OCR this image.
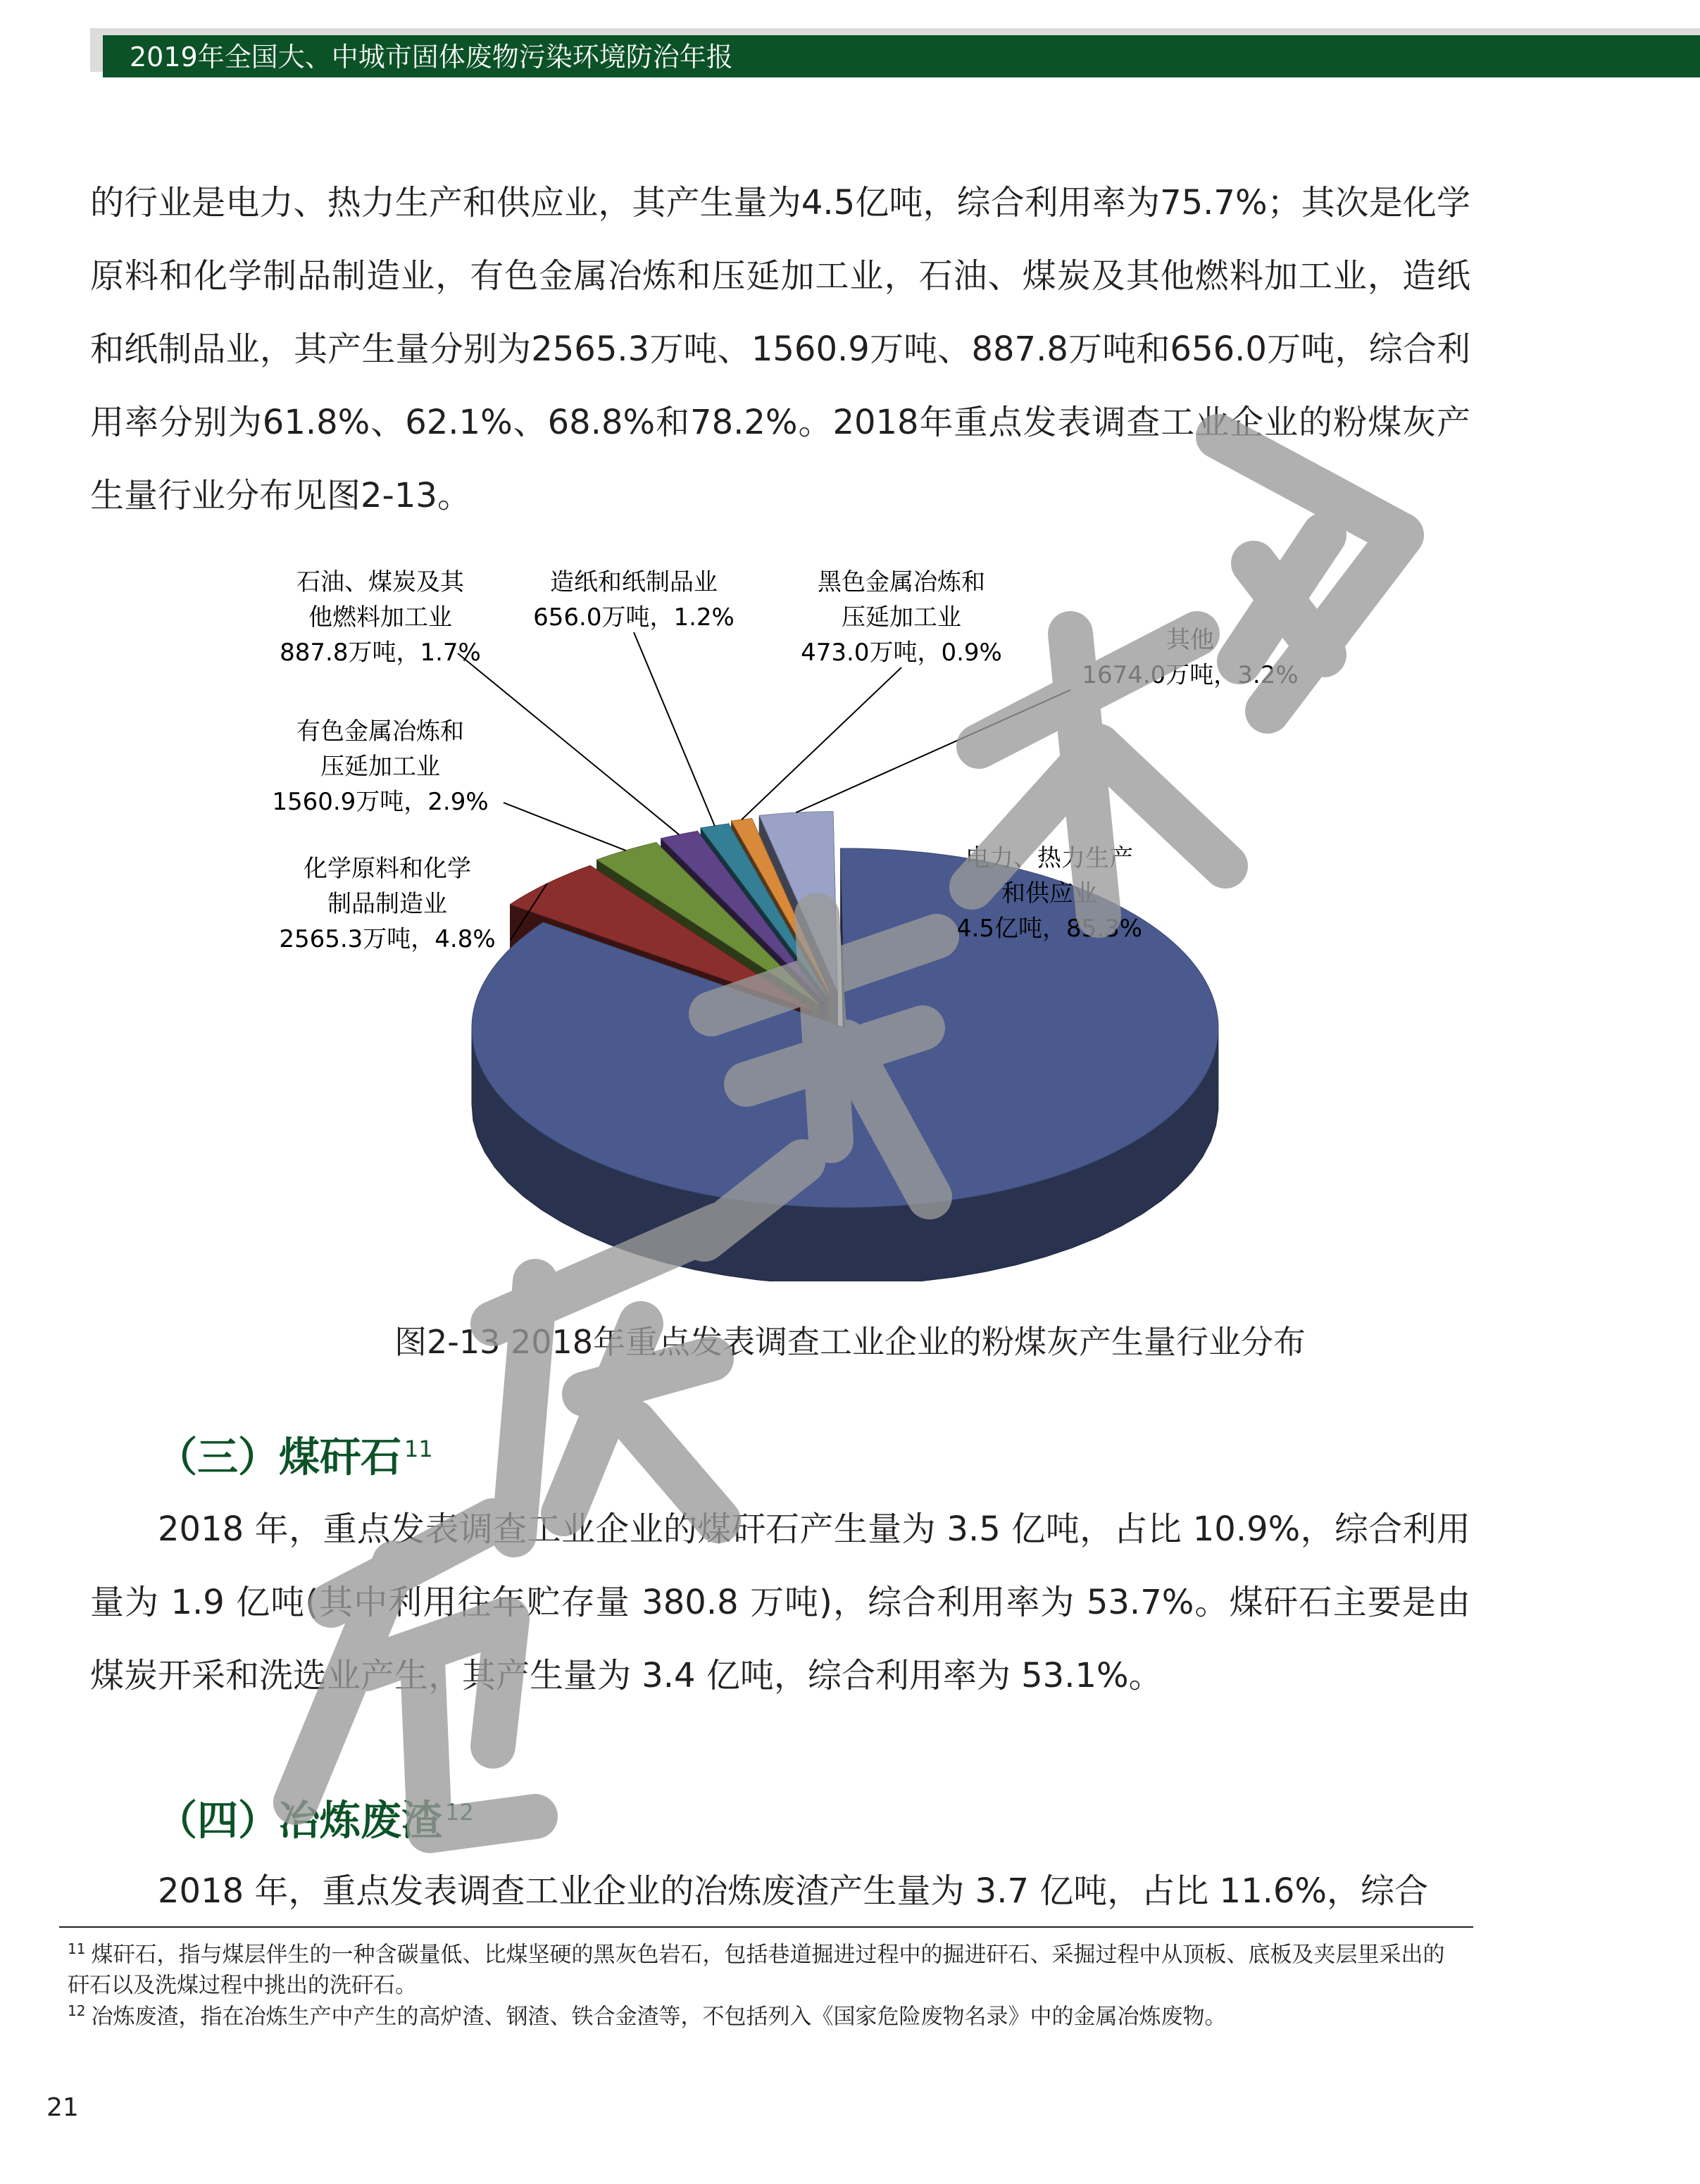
2019年全国大、中城市固体废物污染环境防治年报

的行业是电力、热力生产和供应业，其产生量为4.5亿吨，综合利用率为75.7%；其次是化学原料和化学制品制造业，有色金属冶炼和压延加工业，石油、煤炭及其他燃料加工业，造纸和纸制品业，其产生量分别为2565.3万吨、1560.9万吨、887.8万吨和656.0万吨，综合利用率分别为61.8%、62.1%、68.8%和78.2%。2018年重点发表调查工业企业的粉煤灰产生量行业分布见图2-13。

电力、热力生产和供应业 4.5亿吨，85.3%
化学原料和化学制品制造业 2565.3万吨，4.8%
有色金属冶炼和压延加工业 1560.9万吨，2.9%
石油、煤炭及其他燃料加工业 887.8万吨，1.7%
造纸和纸制品业 656.0万吨，1.2%
黑色金属冶炼和压延加工业 473.0万吨，0.9%	其他 1674.0万吨，3.2%

图2-13 2018年重点发表调查工业企业的粉煤灰产生量行业分布

（三）煤矸石 $^{11}$

2018 年，重点发表调查工业企业的煤矸石产生量为 3.5 亿吨，占比 10.9%，综合利用量为 1.9 亿吨(其中利用往年贮存量 380.8 万吨)，综合利用率为 53.7%。煤矸石主要是由煤炭开采和洗选业产生，其产生量为 3.4 亿吨，综合利用率为 53.1%。

（四）冶炼废渣 $^{12}$

2018 年，重点发表调查工业企业的冶炼废渣产生量为 3.7 亿吨，占比 11.6%，综合

$^{11}$ 煤矸石，指与煤层伴生的一种含碳量低、比煤坚硬的黑灰色岩石，包括巷道掘进过程中的掘进矸石、采掘过程中从顶板、底板及夹层里采出的矸石以及洗煤过程中挑出的洗矸石。

$^{12}$ 冶炼废渣，指在冶炼生产中产生的高炉渣、钢渣、铁合金渣等，不包括列入《国家危险废物名录》中的金属冶炼废物。

21
